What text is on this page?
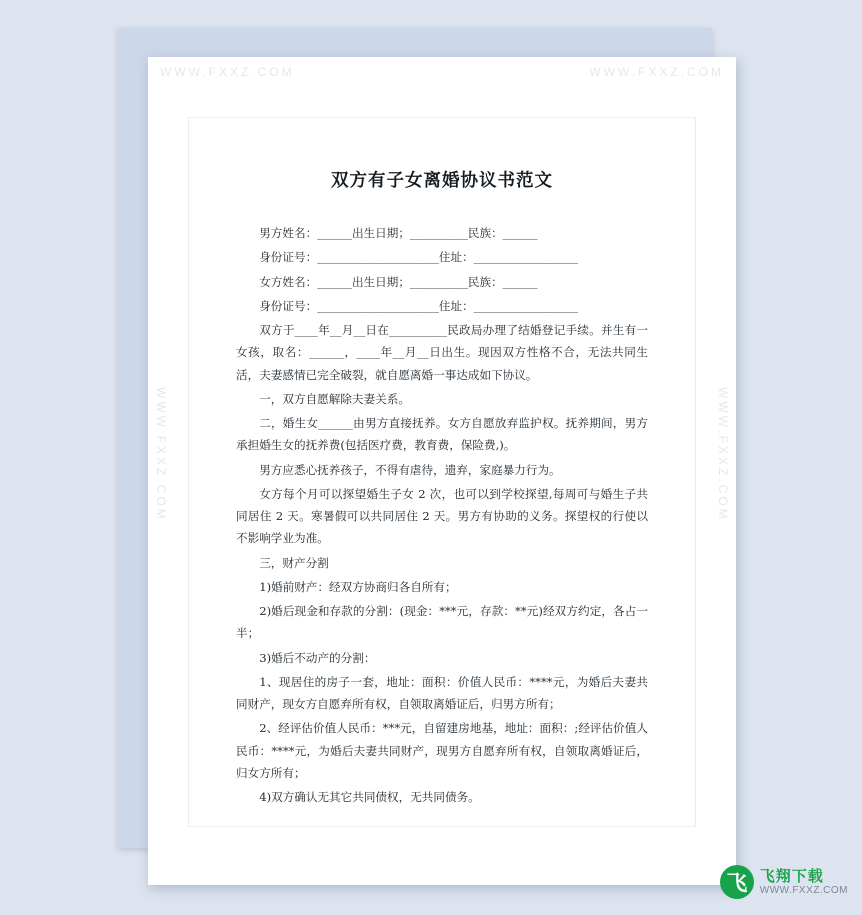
WWW.FXXZ.COM	WWW.FXXZ.COM
WWW.FXXZ.COM	WWW.FXXZ.COM
双方有子女离婚协议书范文

男方姓名：______出生日期；__________民族：______

身份证号：_____________________住址：__________________

女方姓名：______出生日期；__________民族：______

身份证号：_____________________住址：__________________

双方于____年__月__日在__________民政局办理了结婚登记手续。并生有一女孩，取名：______，____年__月__日出生。现因双方性格不合，无法共同生活，夫妻感情已完全破裂，就自愿离婚一事达成如下协议。

一，双方自愿解除夫妻关系。

二，婚生女______由男方直接抚养。女方自愿放弃监护权。抚养期间，男方承担婚生女的抚养费(包括医疗费，教育费，保险费,)。

男方应悉心抚养孩子，不得有虐待，遗弃，家庭暴力行为。

女方每个月可以探望婚生子女 2 次，也可以到学校探望,每周可与婚生子共同居住 2 天。寒暑假可以共同居住 2 天。男方有协助的义务。探望权的行使以不影响学业为准。

三，财产分割

1)婚前财产：经双方协商归各自所有；

2)婚后现金和存款的分割：(现金：***元，存款：**元)经双方约定，各占一半；

3)婚后不动产的分割：

1、现居住的房子一套，地址：面积：价值人民币：****元，为婚后夫妻共同财产，现女方自愿弃所有权，自领取离婚证后，归男方所有；

2、经评估价值人民币：***元，自留建房地基，地址：面积：;经评估价值人民币：****元，为婚后夫妻共同财产，现男方自愿弃所有权，自领取离婚证后，归女方所有；

4)双方确认无其它共同债权，无共同债务。

飞 飞翔下载
WWW.FXXZ.COM
